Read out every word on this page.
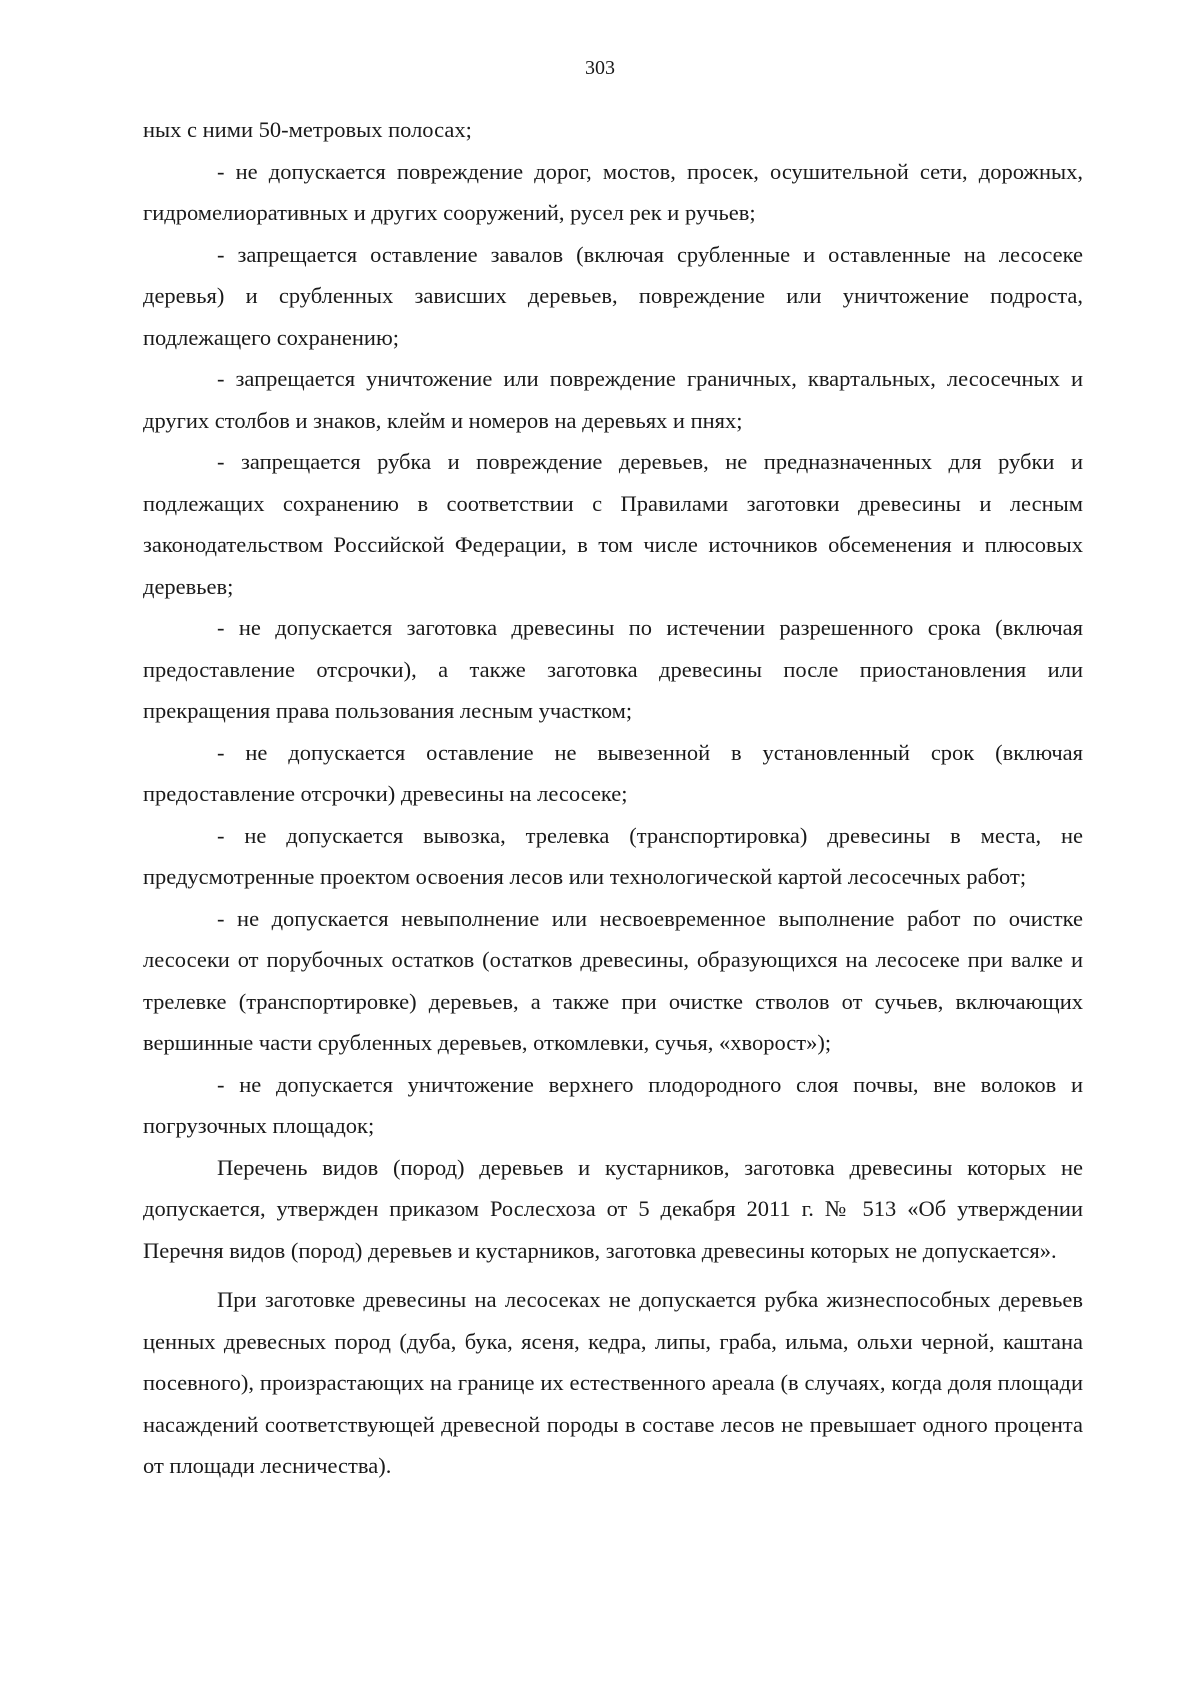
303

ных с ними 50-метровых полосах;

- не допускается повреждение дорог, мостов, просек, осушительной сети, дорожных, гидромелиоративных и других сооружений, русел рек и ручьев;

- запрещается оставление завалов (включая срубленные и оставленные на лесосеке деревья) и срубленных зависших деревьев, повреждение или уничтожение подроста, подлежащего сохранению;

- запрещается уничтожение или повреждение граничных, квартальных, лесосечных и других столбов и знаков, клейм и номеров на деревьях и пнях;

- запрещается рубка и повреждение деревьев, не предназначенных для рубки и подлежащих сохранению в соответствии с Правилами заготовки древесины и лесным законодательством Российской Федерации, в том числе источников обсеменения и плюсовых деревьев;

- не допускается заготовка древесины по истечении разрешенного срока (включая предоставление отсрочки), а также заготовка древесины после приостановления или прекращения права пользования лесным участком;

- не допускается оставление не вывезенной в установленный срок (включая предоставление отсрочки) древесины на лесосеке;

- не допускается вывозка, трелевка (транспортировка) древесины в места, не предусмотренные проектом освоения лесов или технологической картой лесосечных работ;

- не допускается невыполнение или несвоевременное выполнение работ по очистке лесосеки от порубочных остатков (остатков древесины, образующихся на лесосеке при валке и трелевке (транспортировке) деревьев, а также при очистке стволов от сучьев, включающих вершинные части срубленных деревьев, откомлевки, сучья, «хворост»);

- не допускается уничтожение верхнего плодородного слоя почвы, вне волоков и погрузочных площадок;

Перечень видов (пород) деревьев и кустарников, заготовка древесины которых не допускается, утвержден приказом Рослесхоза от 5 декабря 2011 г. № 513 «Об утверждении Перечня видов (пород) деревьев и кустарников, заготовка древесины которых не допускается».

При заготовке древесины на лесосеках не допускается рубка жизнеспособных деревьев ценных древесных пород (дуба, бука, ясеня, кедра, липы, граба, ильма, ольхи черной, каштана посевного), произрастающих на границе их естественного ареала (в случаях, когда доля площади насаждений соответствующей древесной породы в составе лесов не превышает одного процента от площади лесничества).
